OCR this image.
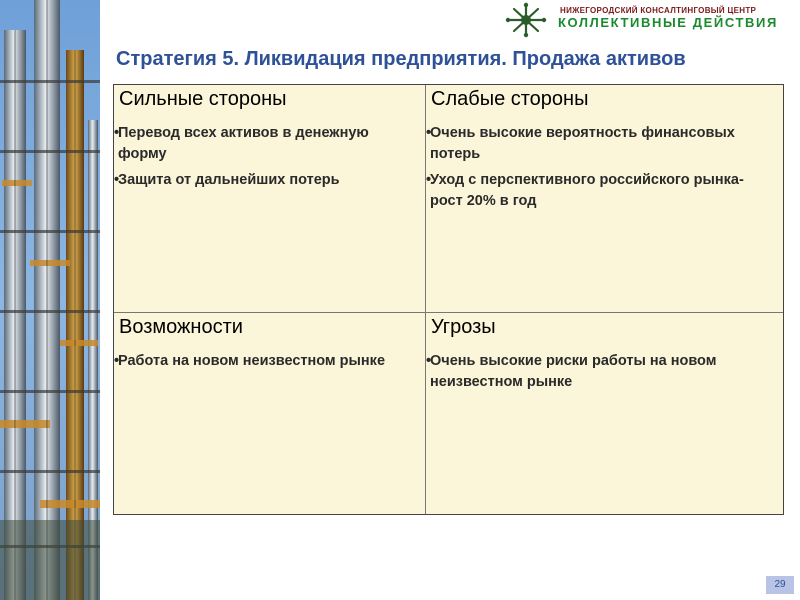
НИЖЕГОРОДСКИЙ КОНСАЛТИНГОВЫЙ ЦЕНТР
КОЛЛЕКТИВНЫЕ ДЕЙСТВИЯ
Стратегия 5. Ликвидация предприятия. Продажа активов
Сильные стороны
•
Перевод всех активов в денежную форму
•
Защита от дальнейших потерь
Слабые стороны
•
Очень высокие вероятность финансовых потерь
•
Уход с перспективного российского рынка- рост 20% в год
Возможности
•
Работа на новом неизвестном рынке
Угрозы
•
Очень высокие риски работы на новом неизвестном рынке
29
